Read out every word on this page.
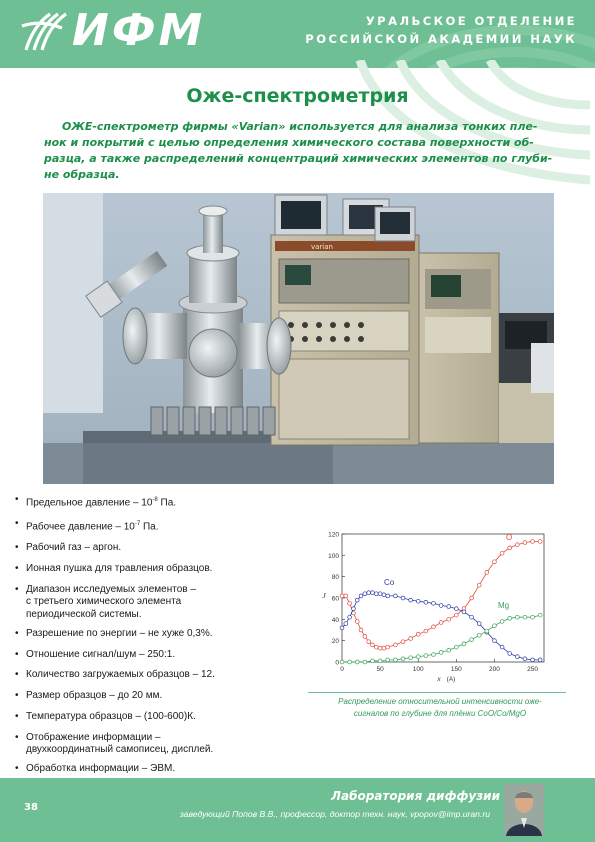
ИФМ	УРАЛЬСКОЕ ОТДЕЛЕНИЕ
РОССИЙСКОЙ АКАДЕМИИ НАУК
Оже-спектрометрия
ОЖЕ-спектрометр фирмы «Varian» используется для анализа тонких пле-
нок и покрытий с целью определения химического состава поверхности об-
разца, а также распределений концентраций химических элементов по глуби-
не образца.
varian
• Предельное давление – $10^{-8}$ Па.
• Рабочее давление – $10^{-7}$ Па.
• Рабочий газ – аргон.
• Ионная пушка для травления образцов.
• Диапазон исследуемых элементов –
с третьего химического элемента
периодической системы.
• Разрешение по энергии – не хуже 0,3%.
• Отношение сигнал/шум – 250:1.
• Количество загружаемых образцов – 12.
• Размер образцов – до 20 мм.
• Температура образцов – (100-600)К.
• Отображение информации –
двухкоординатный самописец, дисплей.
• Обработка информации – ЭВМ.
0
20
40
60
80
100
120
0	50	100	150	200	250
x (A)
J
O
Co
Mg
Распределение относительной интенсивности оже-
сигналов по глубине для плёнки CoO/Co/MgO
38
Лаборатория диффузии
заведующий Попов В.В., профессор, доктор техн. наук, vpopov@imp.uran.ru
